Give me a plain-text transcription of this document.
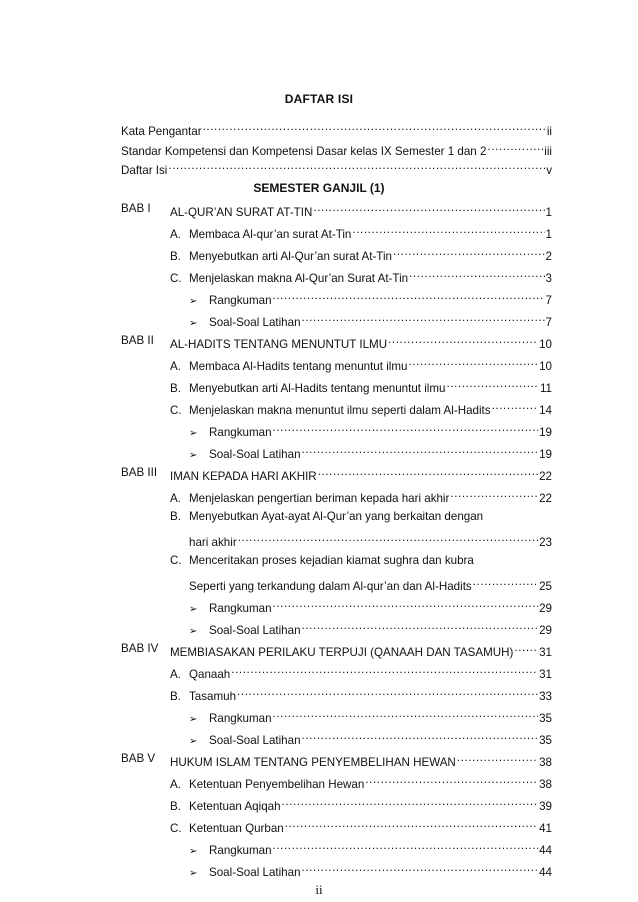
DAFTAR ISI
Kata Pengantar .....	ii
Standar Kompetensi dan Kompetensi Dasar kelas IX Semester 1 dan 2 .....	iii
Daftar Isi .....	v
SEMESTER GANJIL (1)
BAB I AL-QUR’AN SURAT AT-TIN .....	1
A. Membaca Al-qur’an surat At-Tin .....	1
B. Menyebutkan arti Al-Qur’an surat At-Tin .....	2
C. Menjelaskan makna Al-Qur’an Surat At-Tin .....	3
➢ Rangkuman .....	7
➢ Soal-Soal Latihan .....	7
BAB II AL-HADITS TENTANG MENUNTUT ILMU .....	10
A. Membaca Al-Hadits tentang menuntut ilmu .....	10
B. Menyebutkan arti Al-Hadits tentang menuntut ilmu .....	11
C. Menjelaskan makna menuntut ilmu seperti dalam Al-Hadits .....	14
➢ Rangkuman .....	19
➢ Soal-Soal Latihan .....	19
BAB III IMAN KEPADA HARI AKHIR .....	22
A. Menjelaskan pengertian beriman kepada hari akhir .....	22
B. Menyebutkan Ayat-ayat Al-Qur’an yang berkaitan dengan
hari akhir .....	23
C. Menceritakan proses kejadian kiamat sughra dan kubra
Seperti yang terkandung dalam Al-qur’an dan Al-Hadits .....	25
➢ Rangkuman .....	29
➢ Soal-Soal Latihan .....	29
BAB IV MEMBIASAKAN PERILAKU TERPUJI (QANAAH DAN TASAMUH) ..... 31
A. Qanaah .....	31
B. Tasamuh .....	33
➢ Rangkuman .....	35
➢ Soal-Soal Latihan .....	35
BAB V HUKUM ISLAM TENTANG PENYEMBELIHAN HEWAN .....	38
A. Ketentuan Penyembelihan Hewan .....	38
B. Ketentuan Aqiqah .....	39
C. Ketentuan Qurban .....	41
➢ Rangkuman .....	44
➢ Soal-Soal Latihan .....	44
ii
